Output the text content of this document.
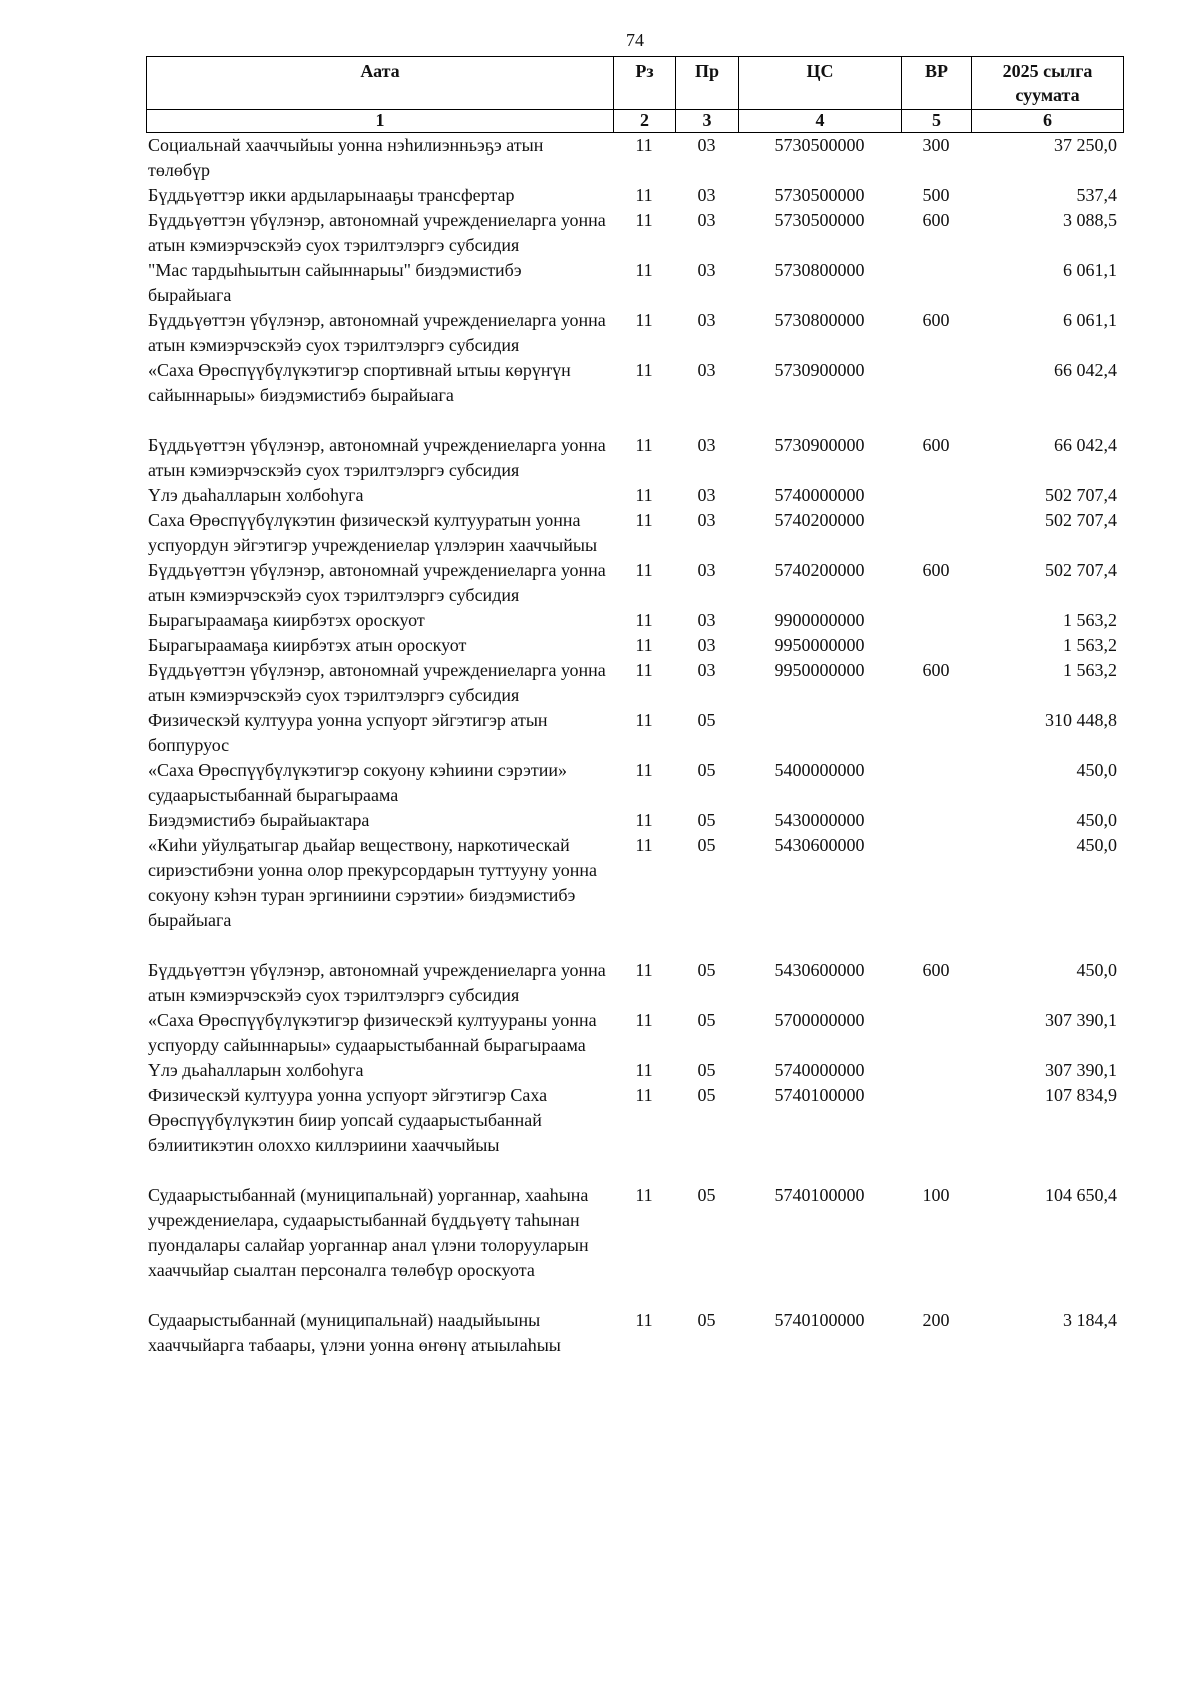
74
Аата	Рз	Пр	ЦС	ВР	2025 сылга суумата
1	2	3	4	5	6
Социальнай хааччыйыы уонна нэһилиэнньэҕэ атын төлөбүр	11	03	5730500000	300	37 250,0
Бүддьүөттэр икки ардыларынааҕы трансфертар	11	03	5730500000	500	537,4
Бүддьүөттэн үбүлэнэр, автономнай учреждениеларга уонна атын кэмиэрчэскэйэ суох тэрилтэлэргэ субсидия	11	03	5730500000	600	3 088,5
"Мас тардыһыытын сайыннарыы" биэдэмистибэ бырайыага	11	03	5730800000		6 061,1
Бүддьүөттэн үбүлэнэр, автономнай учреждениеларга уонна атын кэмиэрчэскэйэ суох тэрилтэлэргэ субсидия	11	03	5730800000	600	6 061,1
«Саха Өрөспүүбүлүкэтигэр спортивнай ытыы көрүҥүн сайыннарыы» биэдэмистибэ бырайыага	11	03	5730900000		66 042,4
Бүддьүөттэн үбүлэнэр, автономнай учреждениеларга уонна атын кэмиэрчэскэйэ суох тэрилтэлэргэ субсидия	11	03	5730900000	600	66 042,4
Үлэ дьаһалларын холбоһуга	11	03	5740000000		502 707,4
Саха Өрөспүүбүлүкэтин физическэй култууратын уонна успуордун эйгэтигэр учреждениелар үлэлэрин хааччыйыы	11	03	5740200000		502 707,4
Бүддьүөттэн үбүлэнэр, автономнай учреждениеларга уонна атын кэмиэрчэскэйэ суох тэрилтэлэргэ субсидия	11	03	5740200000	600	502 707,4
Бырагыраамаҕа киирбэтэх ороскуот	11	03	9900000000		1 563,2
Бырагыраамаҕа киирбэтэх атын ороскуот	11	03	9950000000		1 563,2
Бүддьүөттэн үбүлэнэр, автономнай учреждениеларга уонна атын кэмиэрчэскэйэ суох тэрилтэлэргэ субсидия	11	03	9950000000	600	1 563,2
Физическэй култуура уонна успуорт эйгэтигэр атын боппуруос	11	05			310 448,8
«Саха Өрөспүүбүлүкэтигэр сокуону кэһиини сэрэтии» судаарыстыбаннай бырагыраама	11	05	5400000000		450,0
Биэдэмистибэ бырайыактара	11	05	5430000000		450,0
«Киһи уйулҕатыгар дьайар веществону, наркотическай сириэстибэни уонна олор прекурсордарын туттууну уонна сокуону кэһэн туран эргиниини сэрэтии» биэдэмистибэ бырайыага	11	05	5430600000		450,0
Бүддьүөттэн үбүлэнэр, автономнай учреждениеларга уонна атын кэмиэрчэскэйэ суох тэрилтэлэргэ субсидия	11	05	5430600000	600	450,0
«Саха Өрөспүүбүлүкэтигэр физическэй култуураны уонна успуорду сайыннарыы» судаарыстыбаннай бырагыраама	11	05	5700000000		307 390,1
Үлэ дьаһалларын холбоһуга	11	05	5740000000		307 390,1
Физическэй култуура уонна успуорт эйгэтигэр Саха Өрөспүүбүлүкэтин биир уопсай судаарыстыбаннай бэлиитикэтин олоххо киллэриини хааччыйыы	11	05	5740100000		107 834,9
Судаарыстыбаннай (муниципальнай) уорганнар, хааһына учреждениелара, судаарыстыбаннай бүддьүөтү таһынан пуондалары салайар уорганнар анал үлэни толорууларын хааччыйар сыалтан персоналга төлөбүр ороскуота	11	05	5740100000	100	104 650,4
Судаарыстыбаннай (муниципальнай) наадыйыыны хааччыйарга табаары, үлэни уонна өҥөнү атыылаһыы	11	05	5740100000	200	3 184,4
